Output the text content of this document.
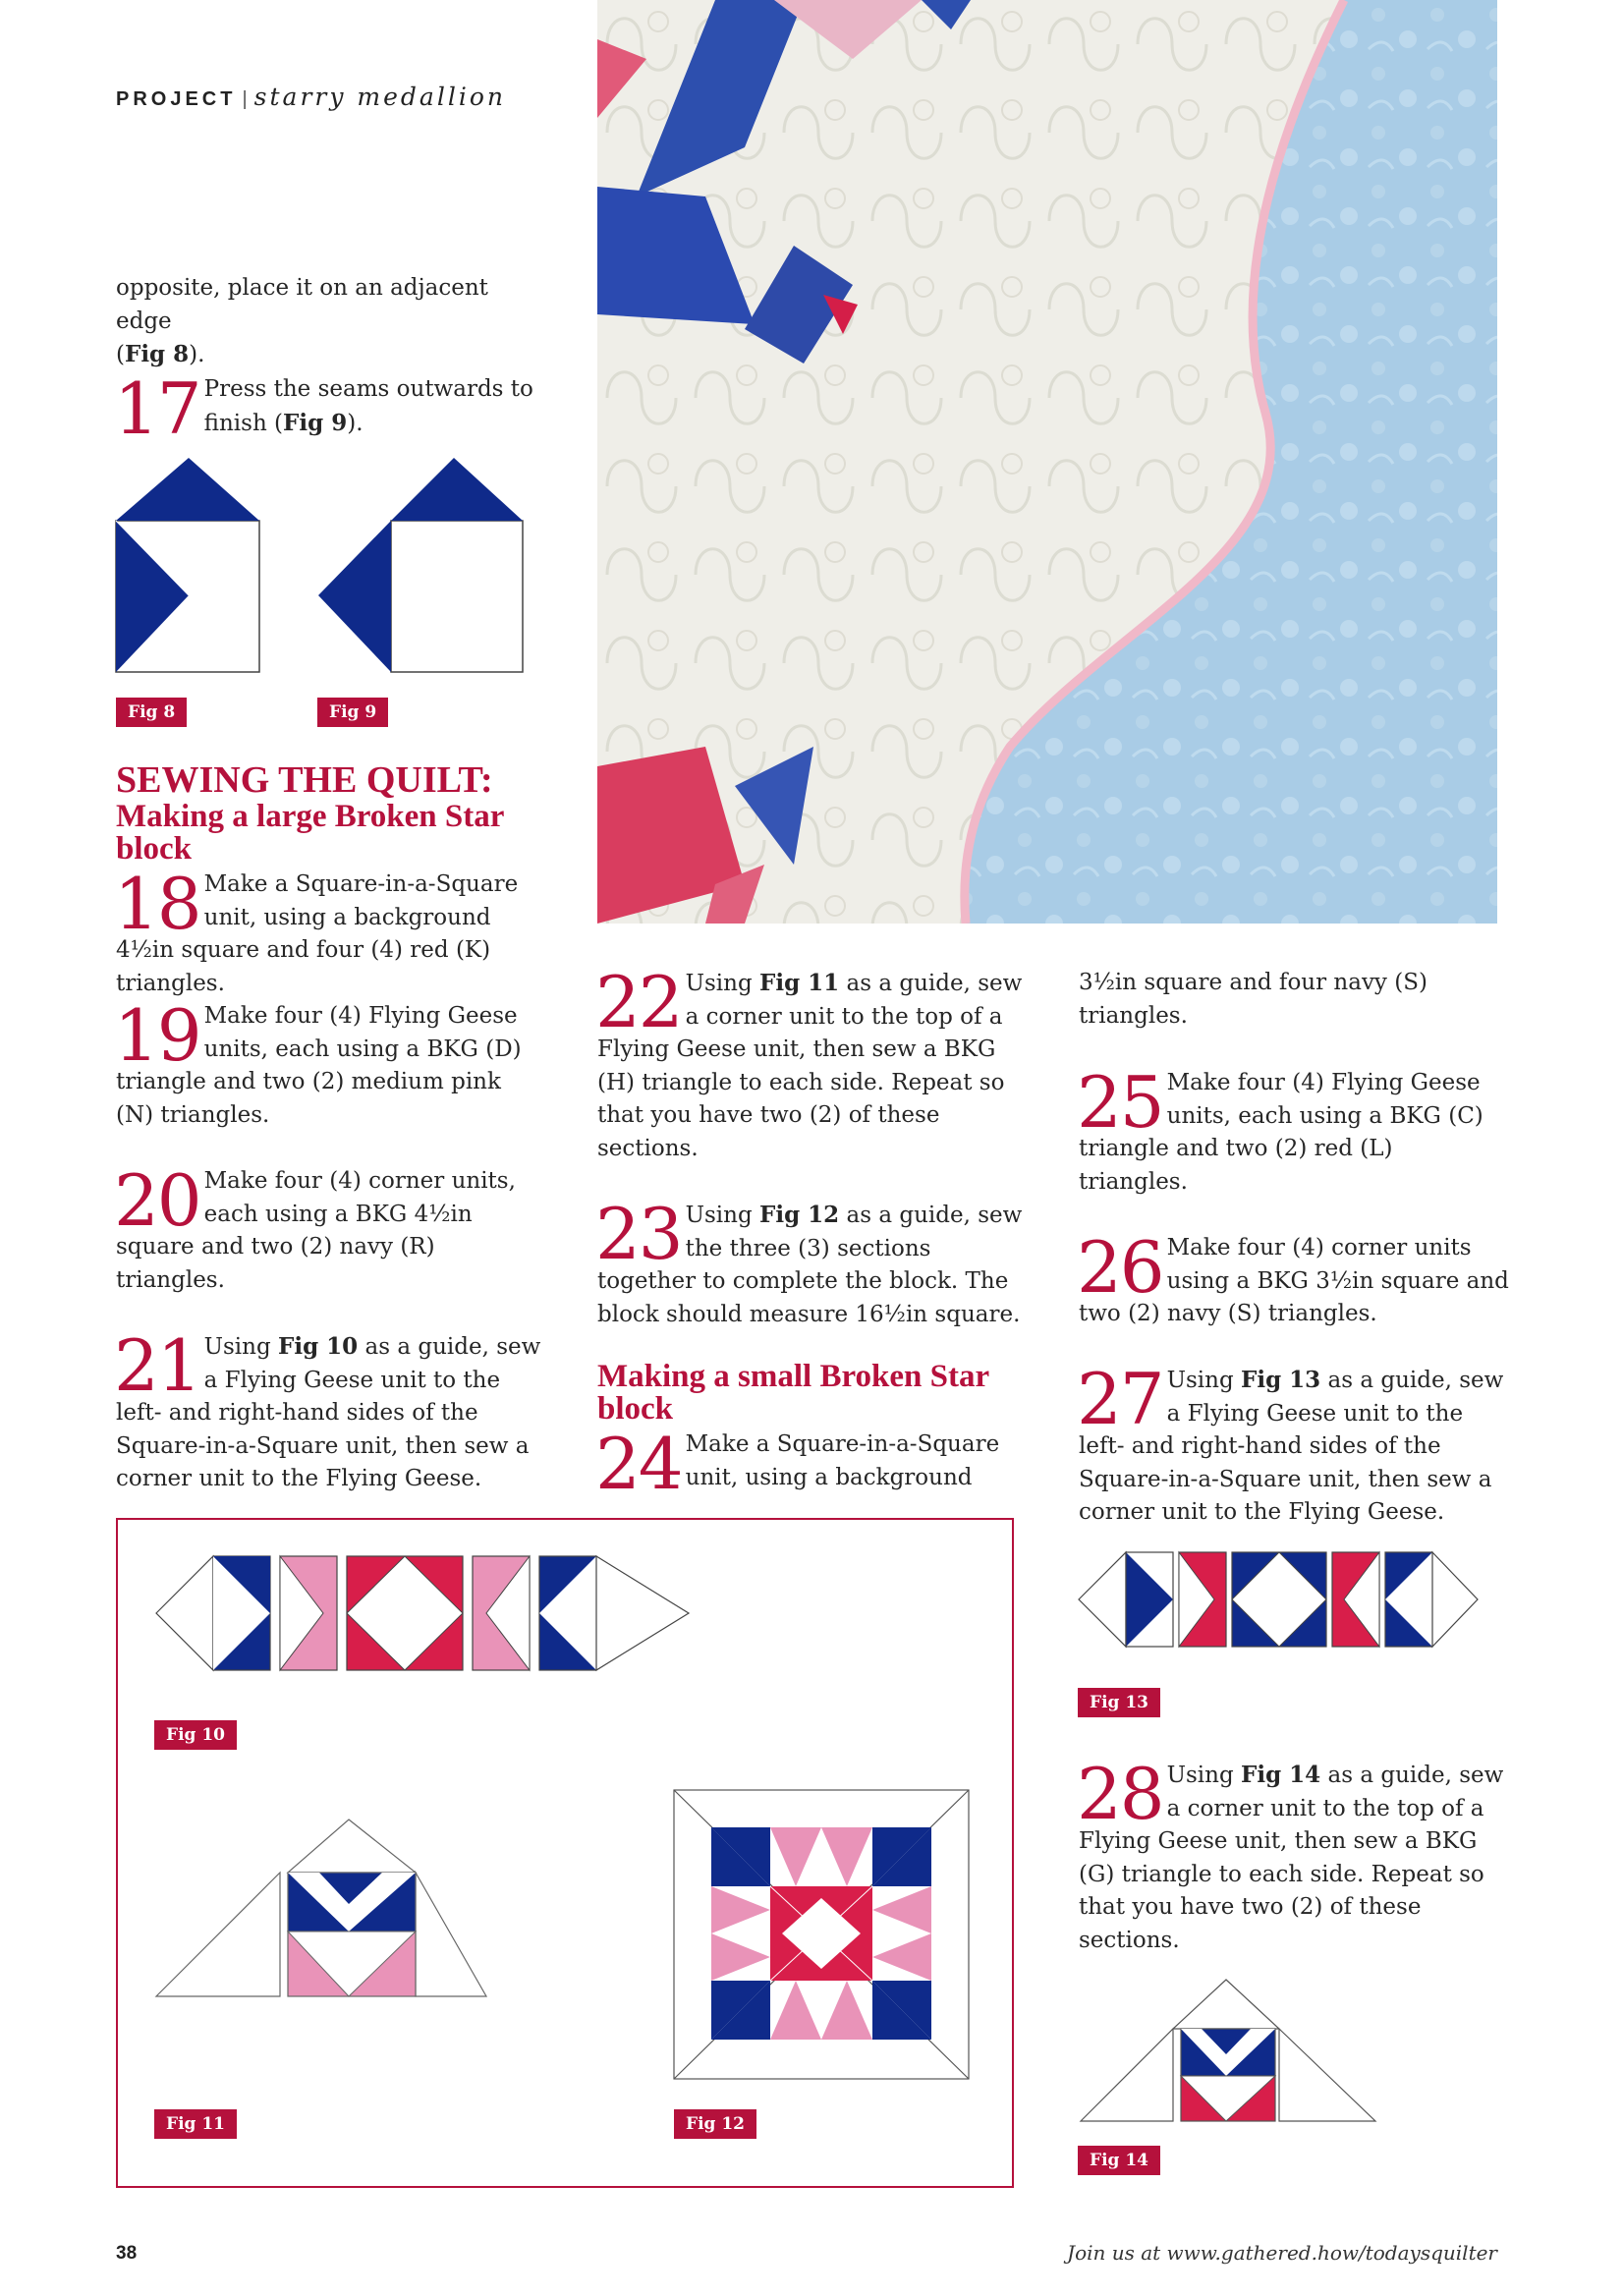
PROJECT | starry medallion
opposite, place it on an adjacent edge
(Fig 8).
17 Press the seams outwards to finish (Fig 9).
Fig 8	Fig 9
SEWING THE QUILT:
Making a large Broken Star block
18 Make a Square-in-a-Square unit, using a background 4½in square and four (4) red (K) triangles.
19 Make four (4) Flying Geese units, each using a BKG (D) triangle and two (2) medium pink (N) triangles.
20 Make four (4) corner units, each using a BKG 4½in square and two (2) navy (R) triangles.
21 Using Fig 10 as a guide, sew a Flying Geese unit to the left- and right-hand sides of the Square-in-a-Square unit, then sew a corner unit to the Flying Geese.
22 Using Fig 11 as a guide, sew a corner unit to the top of a Flying Geese unit, then sew a BKG (H) triangle to each side. Repeat so that you have two (2) of these sections.
23 Using Fig 12 as a guide, sew the three (3) sections together to complete the block. The block should measure 16½in square.
Making a small Broken Star block
24 Make a Square-in-a-Square unit, using a background
3½in square and four navy (S) triangles.
25 Make four (4) Flying Geese units, each using a BKG (C) triangle and two (2) red (L) triangles.
26 Make four (4) corner units using a BKG 3½in square and two (2) navy (S) triangles.
27 Using Fig 13 as a guide, sew a Flying Geese unit to the left- and right-hand sides of the Square-in-a-Square unit, then sew a corner unit to the Flying Geese.
Fig 13
28 Using Fig 14 as a guide, sew a corner unit to the top of a Flying Geese unit, then sew a BKG (G) triangle to each side. Repeat so that you have two (2) of these sections.
Fig 14
Fig 10
Fig 11	Fig 12
38	Join us at www.gathered.how/todaysquilter
